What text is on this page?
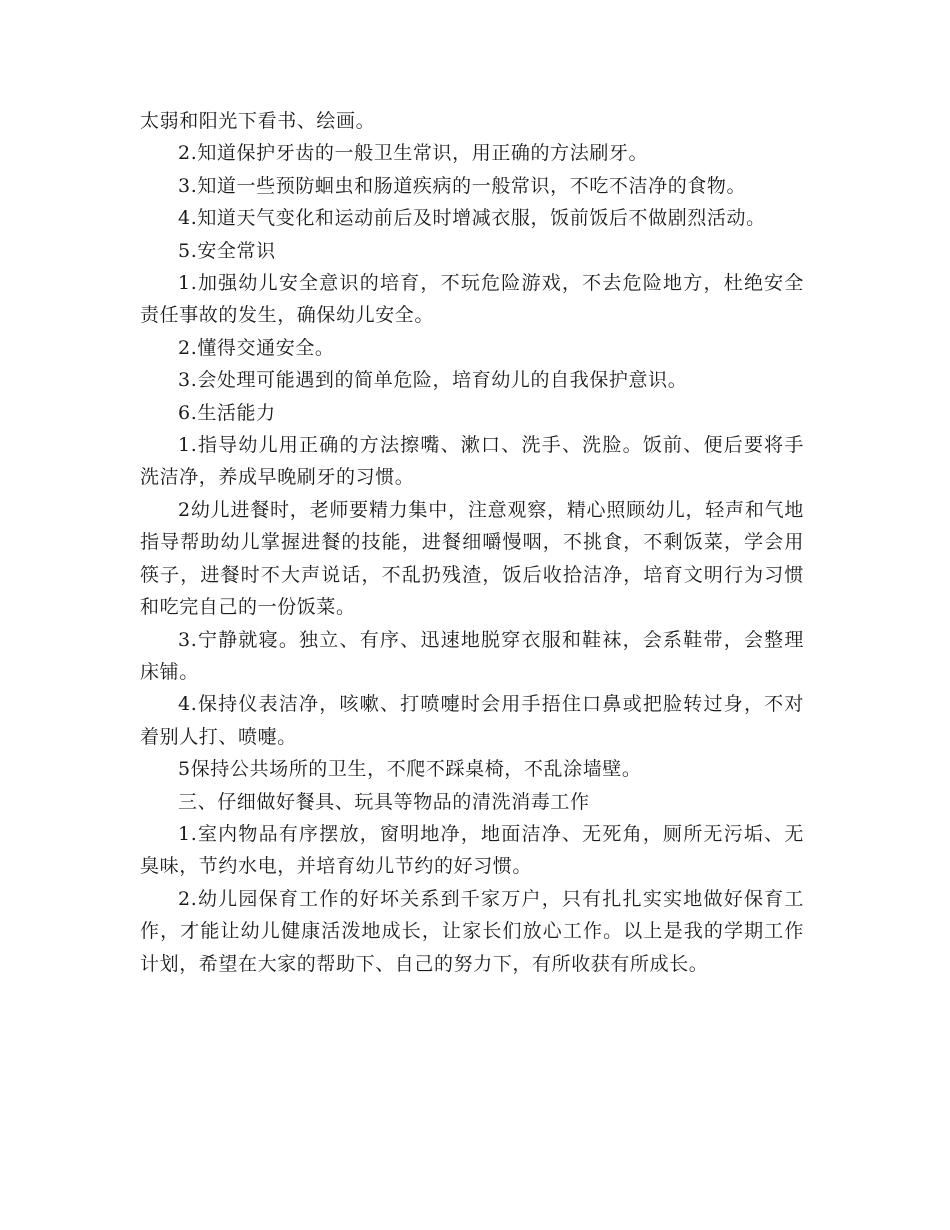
太弱和阳光下看书、绘画。

2.知道保护牙齿的一般卫生常识，用正确的方法刷牙。

3.知道一些预防蛔虫和肠道疾病的一般常识，不吃不洁净的食物。

4.知道天气变化和运动前后及时增减衣服，饭前饭后不做剧烈活动。

5.安全常识

1.加强幼儿安全意识的培育，不玩危险游戏，不去危险地方，杜绝安全责任事故的发生，确保幼儿安全。

2.懂得交通安全。

3.会处理可能遇到的简单危险，培育幼儿的自我保护意识。

6.生活能力

1.指导幼儿用正确的方法擦嘴、漱口、洗手、洗脸。饭前、便后要将手洗洁净，养成早晚刷牙的习惯。

2幼儿进餐时，老师要精力集中，注意观察，精心照顾幼儿，轻声和气地指导帮助幼儿掌握进餐的技能，进餐细嚼慢咽，不挑食，不剩饭菜，学会用筷子，进餐时不大声说话，不乱扔残渣，饭后收拾洁净，培育文明行为习惯和吃完自己的一份饭菜。

3.宁静就寝。独立、有序、迅速地脱穿衣服和鞋袜，会系鞋带，会整理床铺。

4.保持仪表洁净，咳嗽、打喷嚏时会用手捂住口鼻或把脸转过身，不对着别人打、喷嚏。

5保持公共场所的卫生，不爬不踩桌椅，不乱涂墙壁。

三、仔细做好餐具、玩具等物品的清洗消毒工作

1.室内物品有序摆放，窗明地净，地面洁净、无死角，厕所无污垢、无臭味，节约水电，并培育幼儿节约的好习惯。

2.幼儿园保育工作的好坏关系到千家万户，只有扎扎实实地做好保育工作，才能让幼儿健康活泼地成长，让家长们放心工作。以上是我的学期工作计划，希望在大家的帮助下、自己的努力下，有所收获有所成长。
